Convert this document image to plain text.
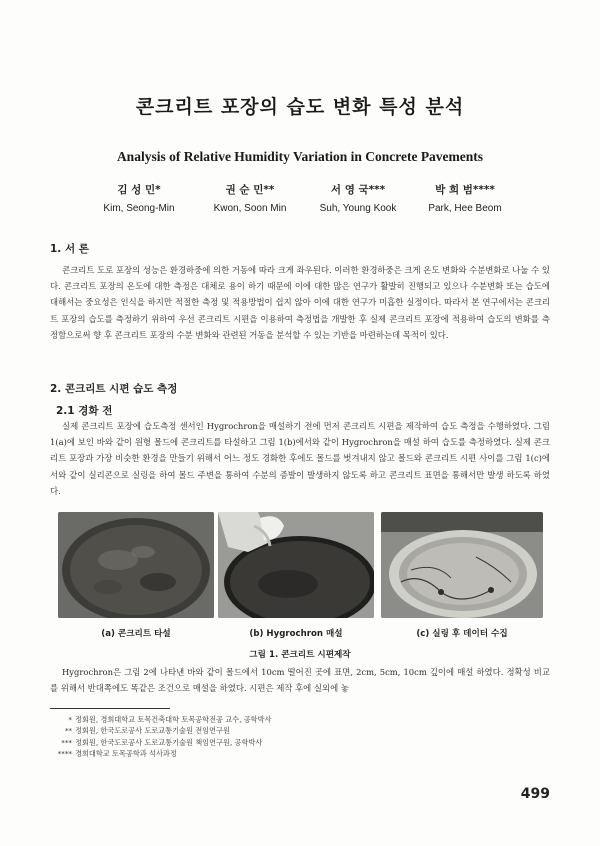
콘크리트 포장의 습도 변화 특성 분석
Analysis of Relative Humidity Variation in Concrete Pavements
김 성 민*
Kim, Seong-Min
권 순 민**
Kwon, Soon Min
서 영 국***
Suh, Young Kook
박 희 범****
Park, Hee Beom
1. 서 론
콘크리트 도로 포장의 성능은 환경하중에 의한 거동에 따라 크게 좌우된다. 이러한 환경하중은 크게 온도 변화와 수분변화로 나눌 수 있다. 콘크리트 포장의 온도에 대한 측정은 대체로 용이 하기 때문에 이에 대한 많은 연구가 활발히 진행되고 있으나 수분변화 또는 습도에 대해서는 중요성은 인식을 하지만 적절한 측정 및 적용방법이 쉽지 않아 이에 대한 연구가 미흡한 실정이다. 따라서 본 연구에서는 콘크리트 포장의 습도를 측정하기 위하여 우선 콘크리트 시편을 이용하여 측정법을 개발한 후 실제 콘크리트 포장에 적용하여 습도의 변화를 측정함으로써 향 후 콘크리트 포장의 수분 변화와 관련된 거동을 분석할 수 있는 기반을 마련하는데 목적이 있다.
2. 콘크리트 시편 습도 측정
2.1 경화 전
실제 콘크리트 포장에 습도측정 센서인 Hygrochron을 매설하기 전에 먼저 콘크리트 시편을 제작하여 습도 측정을 수행하였다. 그림 1(a)에 보인 바와 같이 원형 몰드에 콘크리트를 타설하고 그림 1(b)에서와 같이 Hygrochron을 매설 하여 습도를 측정하였다. 실제 콘크리트 포장과 가장 비슷한 환경을 만들기 위해서 어느 정도 경화한 후에도 몰드를 벗겨내지 않고 몰드와 콘크리트 시편 사이를 그림 1(c)에서와 같이 실리콘으로 실링을 하여 몰드 주변을 통하여 수분의 증발이 발생하지 않도록 하고 콘크리트 표면을 통해서만 발생 하도록 하였다.
(a) 콘크리트 타설	(b) Hygrochron 매설	(c) 실링 후 데이터 수집
그림 1. 콘크리트 시편제작
Hygrochron은 그림 2에 나타낸 바와 같이 몰드에서 10cm 떨어진 곳에 표면, 2cm, 5cm, 10cm 깊이에 매설 하였다. 정확성 비교를 위해서 반대쪽에도 똑같은 조건으로 매설을 하였다. 시편은 제작 후에 실외에 놓
* 정회원, 경희대학교 토목건축대학 토목공학전공 교수, 공학박사
** 정회원, 한국도로공사 도로교통기술원 전임연구원
*** 정회원, 한국도로공사 도로교통기술원 책임연구원, 공학박사
**** 경희대학교 토목공학과 석사과정
499
